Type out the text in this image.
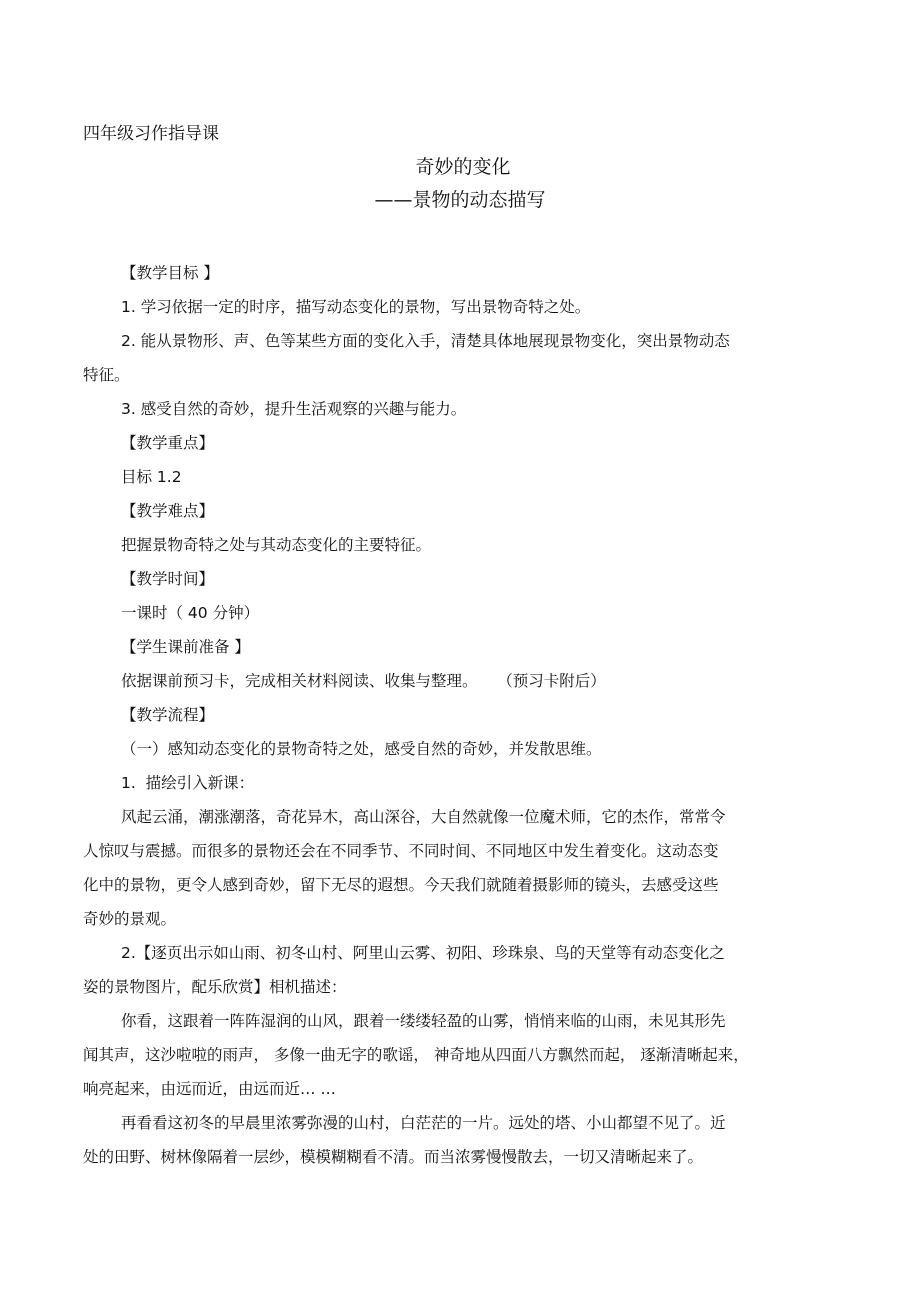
四年级习作指导课
奇妙的变化
——景物的动态描写
【教学目标 】
1. 学习依据一定的时序，描写动态变化的景物，写出景物奇特之处。
2. 能从景物形、声、色等某些方面的变化入手，清楚具体地展现景物变化，突出景物动态
特征。
3. 感受自然的奇妙，提升生活观察的兴趣与能力。
【教学重点】
目标 1.2
【教学难点】
把握景物奇特之处与其动态变化的主要特征。
【教学时间】
一课时（ 40 分钟）
【学生课前准备 】
依据课前预习卡，完成相关材料阅读、收集与整理。    （预习卡附后）
【教学流程】
（一）感知动态变化的景物奇特之处，感受自然的奇妙，并发散思维。
1.  描绘引入新课：
风起云涌，潮涨潮落，奇花异木，高山深谷，大自然就像一位魔术师，它的杰作，常常令
人惊叹与震撼。而很多的景物还会在不同季节、不同时间、不同地区中发生着变化。这动态变
化中的景物，更令人感到奇妙，留下无尽的遐想。今天我们就随着摄影师的镜头，去感受这些
奇妙的景观。
2.【逐页出示如山雨、初冬山村、阿里山云雾、初阳、珍珠泉、鸟的天堂等有动态变化之
姿的景物图片，配乐欣赏】相机描述：
你看，这跟着一阵阵湿润的山风，跟着一缕缕轻盈的山雾，悄悄来临的山雨，未见其形先
闻其声，这沙啦啦的雨声， 多像一曲无字的歌谣， 神奇地从四面八方飘然而起， 逐渐清晰起来，
响亮起来，由远而近，由远而近… …
再看看这初冬的早晨里浓雾弥漫的山村，白茫茫的一片。远处的塔、小山都望不见了。近
处的田野、树林像隔着一层纱，模模糊糊看不清。而当浓雾慢慢散去，一切又清晰起来了。
